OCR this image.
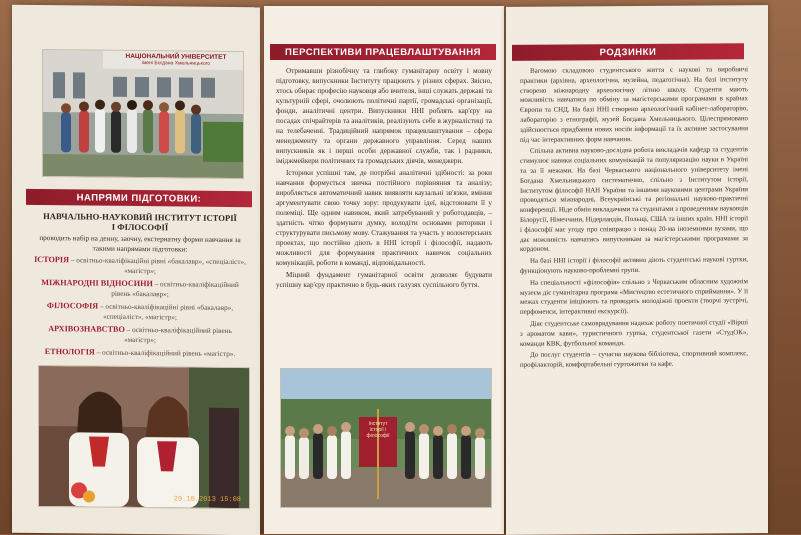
НАЦІОНАЛЬНИЙ УНІВЕРСИТЕТ
імені Богдана Хмельницького
НАПРЯМИ ПІДГОТОВКИ:
НАВЧАЛЬНО-НАУКОВИЙ ІНСТИТУТ ІСТОРІЇ
І ФІЛОСОФІЇ

проводить набір на денну, заочну, екстернатну форми навчання за такими напрямами підготовки:

ІСТОРІЯ – освітньо-кваліфікаційні рівні «бакалавр», «спеціаліст», «магістр»;
МІЖНАРОДНІ ВІДНОСИНИ – освітньо-кваліфікаційний рівень «бакалавр»;
ФІЛОСОФІЯ – освітньо-кваліфікаційні рівні «бакалавр», «спеціаліст», «магістр»;
АРХІВОЗНАВСТВО – освітньо-кваліфікаційний рівень «магістр»;
ЕТНОЛОГІЯ – освітньо-кваліфікаційний рівень «магістр».
29.10.2013 15:08
ПЕРСПЕКТИВИ ПРАЦЕВЛАШТУВАННЯ

Отримавши різнобічну та глибоку гуманітарну освіту і мовну підготовку, випускники Інституту працюють у різних сферах. Звісно, хтось обирає професію науковця або вчителя, інші служать державі та культурній сфері, очолюють політичні партії, громадські організації, фонди, аналітичні центри. Випускники ННІ роблять кар'єру на посадах спічрайтерів та аналітиків, реалізують себе в журналістиці та на телебаченні. Традиційний напрямок працевлаштування – сфера менеджменту та органи державного управління. Серед наших випускників як і перші особи державної служби, так і радники, іміджмейкери політичних та громадських діячів, менеджери.

Історики успішні там, де потрібні аналітичні здібності: за роки навчання формується звичка постійного порівняння та аналізу; виробляється автоматичний навик виявляти каузальні зв'язки, вміння аргументувати свою точку зору: продукувати ідеї, відстоювати її у полеміці. Ще одним навиком, який затребуваний у роботодавців, – здатність чітко формувати думку, володіти основами риторики і структурувати письмову мову. Стажування та участь у волонтерських проектах, що постійно діють в ННІ історії і філософії, надають можливості для формування практичних навичок соціальних комунікацій, роботи в команді, відповідальності.

Міцний фундамент гуманітарної освіти дозволяє будувати успішну кар'єру практично в будь-яких галузях суспільного буття.

Інститут історії і філософії
РОДЗИНКИ

Вагомою складовою студентського життя є наукові та виробничі практики (архівна, археологічна, музейна, педагогічна). На базі інституту створено міжнародну археологічну літню школу. Студенти мають можливість навчатися по обміну за магістерськими програмами в країнах Європи та СНД. На базі ННІ створено археологічний кабінет-лабораторію, лабораторію з етнографії, музей Богдана Хмельницького. Цілеспрямовано здійснюється придбання нових носіїв інформації та їх активне застосування під час інтерактивних форм навчання.

Спільна активна науково-дослідна робота викладачів кафедр та студентів стимулює навики соціальних комунікацій та популяризацію науки в Україні та за її межами. На базі Черкаського національного університету імені Богдана Хмельницького систематично, спільно з Інститутом історії, Інститутом філософії НАН України та іншими науковими центрами України проводяться міжнародні, Всеукраїнські та регіональні науково-практичні конференції. Ніде обмін викладачами та студентами з проведенням науковців Білорусії, Німеччини, Нідерландів, Польщі, США та інших країн. ННІ історії і філософії має угоду про співпрацю з понад 20-ма іноземними вузами, що дає можливість навчатись випускникам за магістерськими програмами за кордоном.

На базі ННІ історії і філософії активно діють студентські наукові гуртки, функціонують науково-проблемні групи.

На спеціальності «філософія» спільно з Черкаським обласним художнім музеєм діє гуманітарна програма «Мистецтво естетичного сприймання». У її межах студенти ініціюють та проводять молодіжні проекти (творчі зустрічі, перфоменси, інтерактивні екскурсії).

Діяє студентське самоврядування надихає роботу поетичної студії «Вірші з ароматом кави», туристичного гуртка, студентської газети «СтудОК», команди КВК, футбольної команди.

До послуг студентів – сучасна наукова бібліотека, спортивний комплекс, профілакторій, комфортабельні гуртожитки та кафе.
